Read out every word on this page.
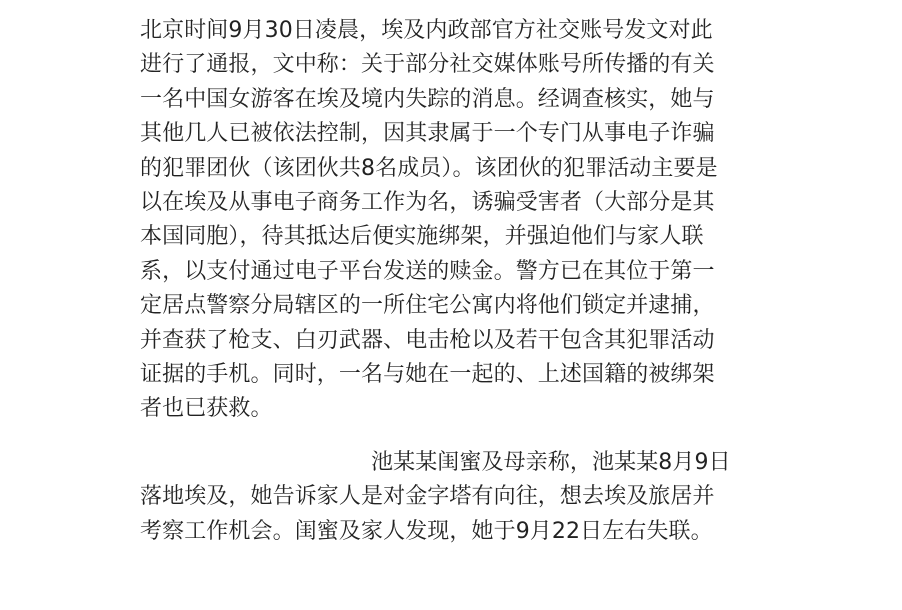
北京时间9月30日凌晨，埃及内政部官方社交账号发文对此
进行了通报，文中称：关于部分社交媒体账号所传播的有关
一名中国女游客在埃及境内失踪的消息。经调查核实，她与
其他几人已被依法控制，因其隶属于一个专门从事电子诈骗
的犯罪团伙（该团伙共8名成员）。该团伙的犯罪活动主要是
以在埃及从事电子商务工作为名，诱骗受害者（大部分是其
本国同胞），待其抵达后便实施绑架，并强迫他们与家人联
系，以支付通过电子平台发送的赎金。警方已在其位于第一
定居点警察分局辖区的一所住宅公寓内将他们锁定并逮捕，
并查获了枪支、白刃武器、电击枪以及若干包含其犯罪活动
证据的手机。同时，一名与她在一起的、上述国籍的被绑架
者也已获救。
池某某闺蜜及母亲称，池某某8月9日
落地埃及，她告诉家人是对金字塔有向往，想去埃及旅居并
考察工作机会。闺蜜及家人发现，她于9月22日左右失联。
